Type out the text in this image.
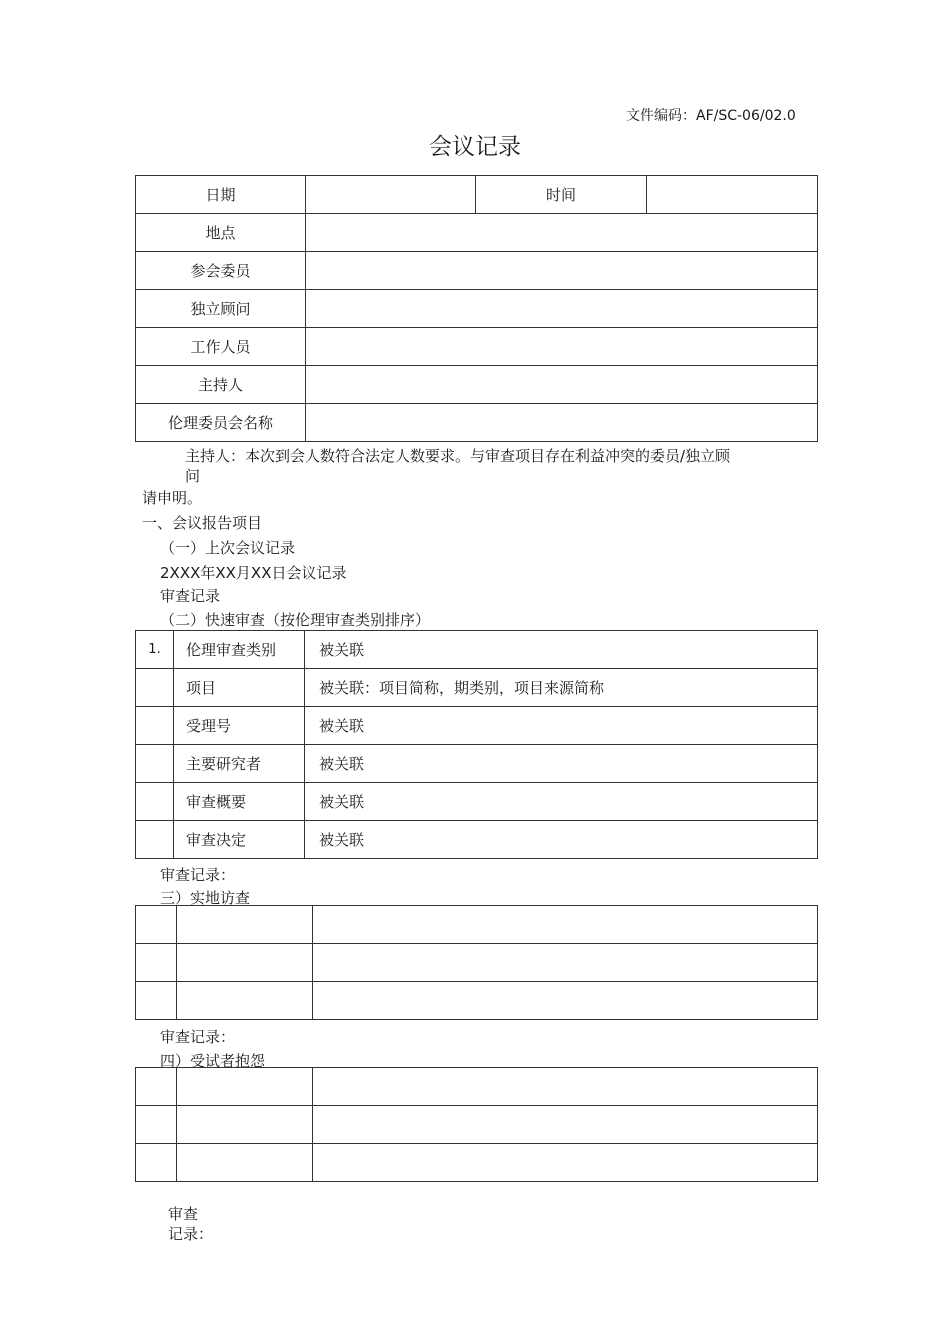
文件编码：AF/SC-06/02.0
会议记录
日期		时间	
地点			
参会委员			
独立顾问			
工作人员			
主持人			
伦理委员会名称			
主持人：本次到会人数符合法定人数要求。与审查项目存在利益冲突的委员/独立顾
问
请申明。
一、会议报告项目
（一）上次会议记录
2XXX年XX月XX日会议记录
审查记录
（二）快速审查（按伦理审查类别排序）
1.	伦理审查类别	被关联
	项目	被关联：项目简称，期类别，项目来源简称
	受理号	被关联
	主要研究者	被关联
	审查概要	被关联
	审查决定	被关联
审查记录：
三）实地访查

审查记录：
四）受试者抱怨

审查
记录：
